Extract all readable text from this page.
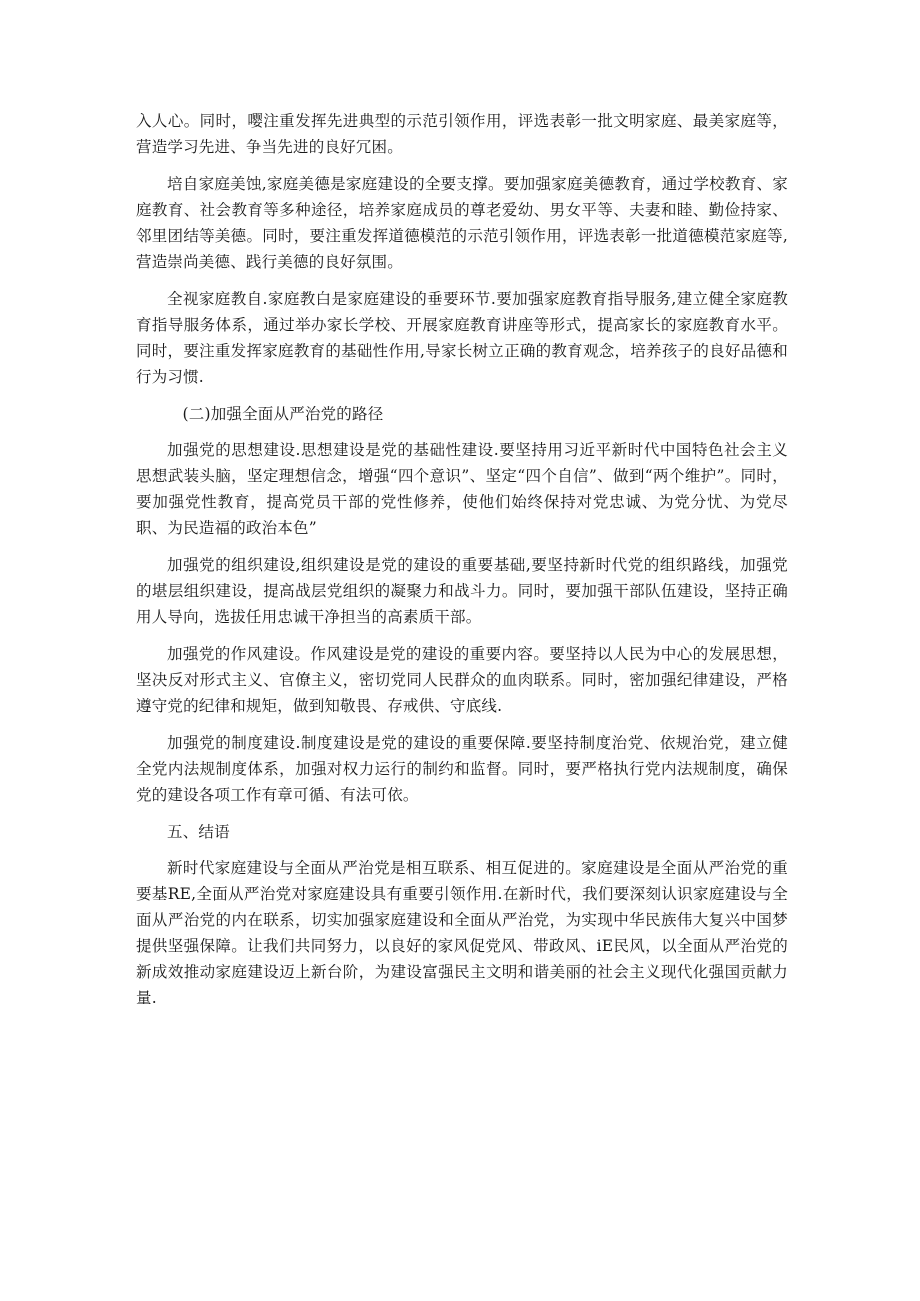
入人心。同时，嘤注重发挥先进典型的示范引领作用，评选表彰一批文明家庭、最美家庭等，营造学习先进、争当先进的良好冗困。

培自家庭美蚀,家庭美德是家庭建设的全要支撑。要加强家庭美德教育，通过学校教育、家庭教育、社会教育等多种途径，培养家庭成员的尊老爱幼、男女平等、夫妻和睦、勤俭持家、邻里团结等美德。同时，要注重发挥道德模范的示范引领作用，评选表彰一批道德模范家庭等,营造崇尚美德、践行美德的良好氛围。

全视家庭教自.家庭教白是家庭建设的垂要环节.要加强家庭教育指导服务,建立健全家庭教育指导服务体系，通过举办家长学校、开展家庭教育讲座等形式，提高家长的家庭教育水平。同时，要注重发挥家庭教育的基础性作用,导家长树立正确的教育观念，培养孩子的良好品德和行为习惯.

(二)加强全面从严治党的路径

加强党的思想建设.思想建设是党的基础性建设.要坚持用习近平新时代中国特色社会主义思想武装头脑，坚定理想信念，增强“四个意识”、坚定“四个自信”、做到“两个维护”。同时，要加强党性教育，提高党员干部的党性修养，使他们始终保持对党忠诚、为党分忧、为党尽职、为民造福的政治本色”

加强党的组织建设,组织建设是党的建设的重要基础,要坚持新时代党的组织路线，加强党的堪层组织建设，提高战层党组织的凝聚力和战斗力。同时，要加强干部队伍建设，坚持正确用人导向，选拔任用忠诚干净担当的高素质干部。

加强党的作风建设。作风建设是党的建设的重要内容。要坚持以人民为中心的发展思想，坚决反对形式主义、官僚主义，密切党同人民群众的血肉联系。同时，密加强纪律建设，严格遵守党的纪律和规矩，做到知敬畏、存戒供、守底线.

加强党的制度建设.制度建设是党的建设的重要保障.要坚持制度治党、依规治党，建立健全党内法规制度体系，加强对权力运行的制约和监督。同时，要严格执行党内法规制度，确保党的建设各项工作有章可循、有法可依。

五、结语

新时代家庭建设与全面从严治党是相互联系、相互促进的。家庭建设是全面从严治党的重要基RE,全面从严治党对家庭建设具有重要引领作用.在新时代，我们要深刻认识家庭建设与全面从严治党的内在联系，切实加强家庭建设和全面从严治党，为实现中华民族伟大复兴中国梦提供坚强保障。让我们共同努力，以良好的家风促党风、带政风、iE民风，以全面从严治党的新成效推动家庭建设迈上新台阶，为建设富强民主文明和谐美丽的社会主义现代化强国贡献力量.
